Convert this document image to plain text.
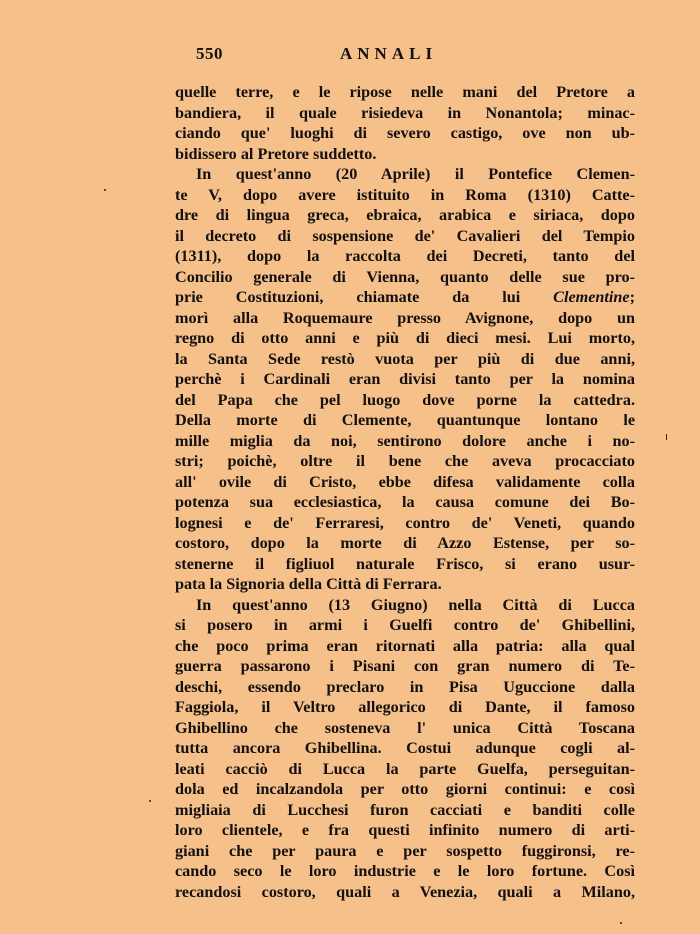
550	ANNALI
quelle terre, e le ripose nelle mani del Pretore a
bandiera, il quale risiedeva in Nonantola; minac-
ciando que' luoghi di severo castigo, ove non ub-
bidissero al Pretore suddetto.
In quest'anno (20 Aprile) il Pontefice Clemen-
te V, dopo avere istituito in Roma (1310) Catte-
dre di lingua greca, ebraica, arabica e siriaca, dopo
il decreto di sospensione de' Cavalieri del Tempio
(1311), dopo la raccolta dei Decreti, tanto del
Concilio generale di Vienna, quanto delle sue pro-
prie Costituzioni, chiamate da lui Clementine;
morì alla Roquemaure presso Avignone, dopo un
regno di otto anni e più di dieci mesi. Lui morto,
la Santa Sede restò vuota per più di due anni,
perchè i Cardinali eran divisi tanto per la nomina
del Papa che pel luogo dove porne la cattedra.
Della morte di Clemente, quantunque lontano le
mille miglia da noi, sentirono dolore anche i no-
stri; poichè, oltre il bene che aveva procacciato
all' ovile di Cristo, ebbe difesa validamente colla
potenza sua ecclesiastica, la causa comune dei Bo-
lognesi e de' Ferraresi, contro de' Veneti, quando
costoro, dopo la morte di Azzo Estense, per so-
stenerne il figliuol naturale Frisco, si erano usur-
pata la Signoria della Città di Ferrara.
In quest'anno (13 Giugno) nella Città di Lucca
si posero in armi i Guelfi contro de' Ghibellini,
che poco prima eran ritornati alla patria: alla qual
guerra passarono i Pisani con gran numero di Te-
deschi, essendo preclaro in Pisa Uguccione dalla
Faggiola, il Veltro allegorico di Dante, il famoso
Ghibellino che sosteneva l' unica Città Toscana
tutta ancora Ghibellina. Costui adunque cogli al-
leati cacciò di Lucca la parte Guelfa, perseguitan-
dola ed incalzandola per otto giorni continui: e così
migliaia di Lucchesi furon cacciati e banditi colle
loro clientele, e fra questi infinito numero di arti-
giani che per paura e per sospetto fuggironsi, re-
cando seco le loro industrie e le loro fortune. Così
recandosi costoro, quali a Venezia, quali a Milano,
